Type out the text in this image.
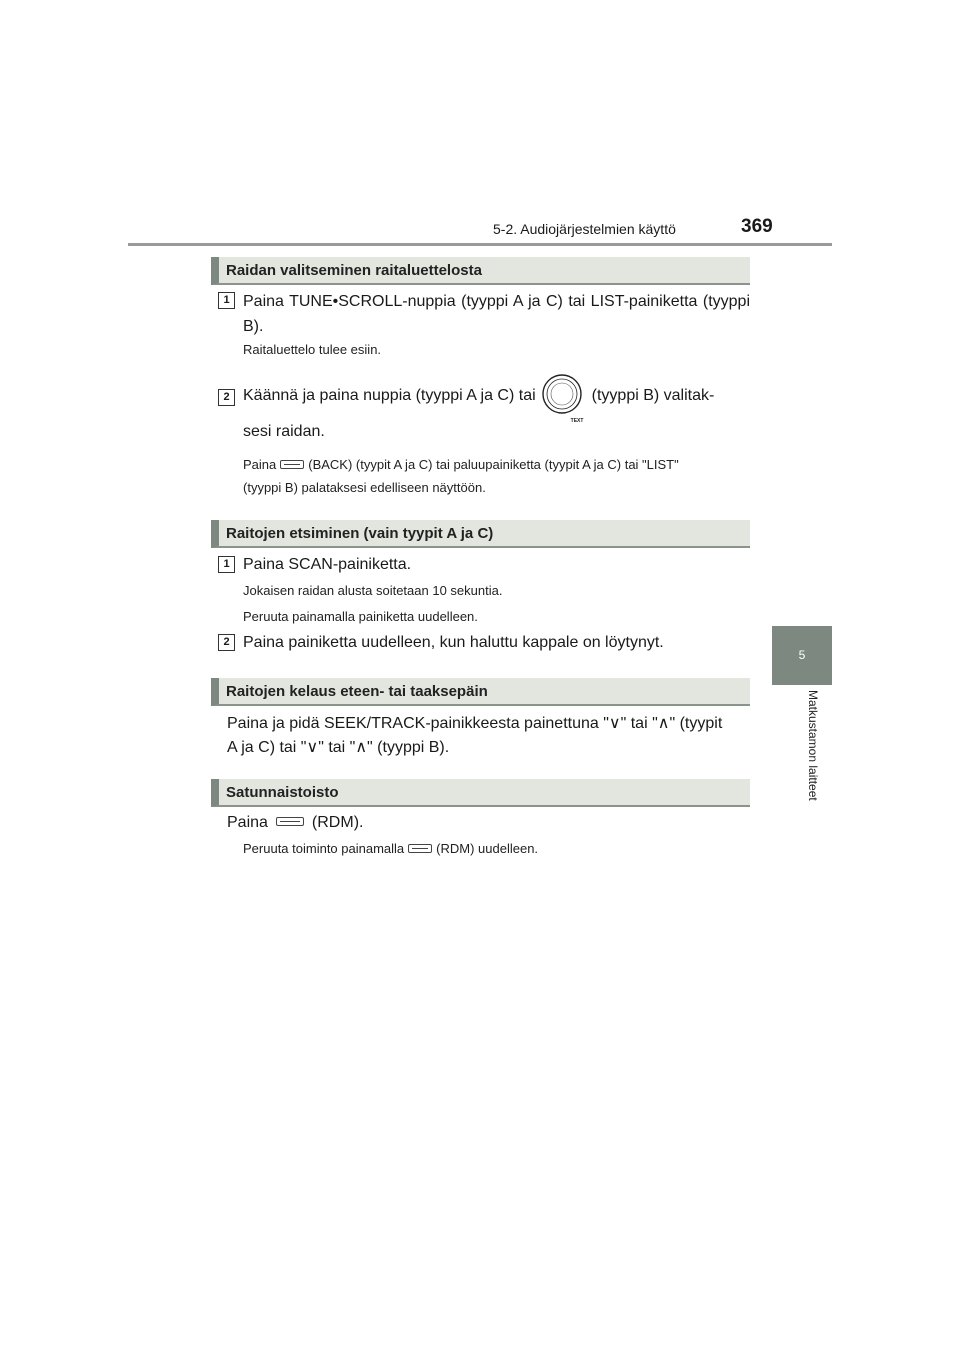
5-2. Audiojärjestelmien käyttö	369
5
Matkustamon laitteet
Raidan valitseminen raitaluettelosta
1 Paina TUNE•SCROLL-nuppia (tyyppi A ja C) tai LIST-painiketta (tyyppi B).
Raitaluettelo tulee esiin.
2 Käännä ja paina nuppia (tyyppi A ja C) tai
TEXT
(tyyppi B) valitak-
sesi raidan.
Paina (BACK) (tyypit A ja C) tai paluupainiketta (tyypit A ja C) tai "LIST"
(tyyppi B) palataksesi edelliseen näyttöön.
Raitojen etsiminen (vain tyypit A ja C)
1 Paina SCAN-painiketta.
Jokaisen raidan alusta soitetaan 10 sekuntia.
Peruuta painamalla painiketta uudelleen.
2 Paina painiketta uudelleen, kun haluttu kappale on löytynyt.
Raitojen kelaus eteen- tai taaksepäin
Paina ja pidä SEEK/TRACK-painikkeesta painettuna "∨" tai "∧" (tyypit
A ja C) tai "∨" tai "∧" (tyyppi B).
Satunnaistoisto
Paina	(RDM).
Peruuta toiminto painamalla (RDM) uudelleen.
